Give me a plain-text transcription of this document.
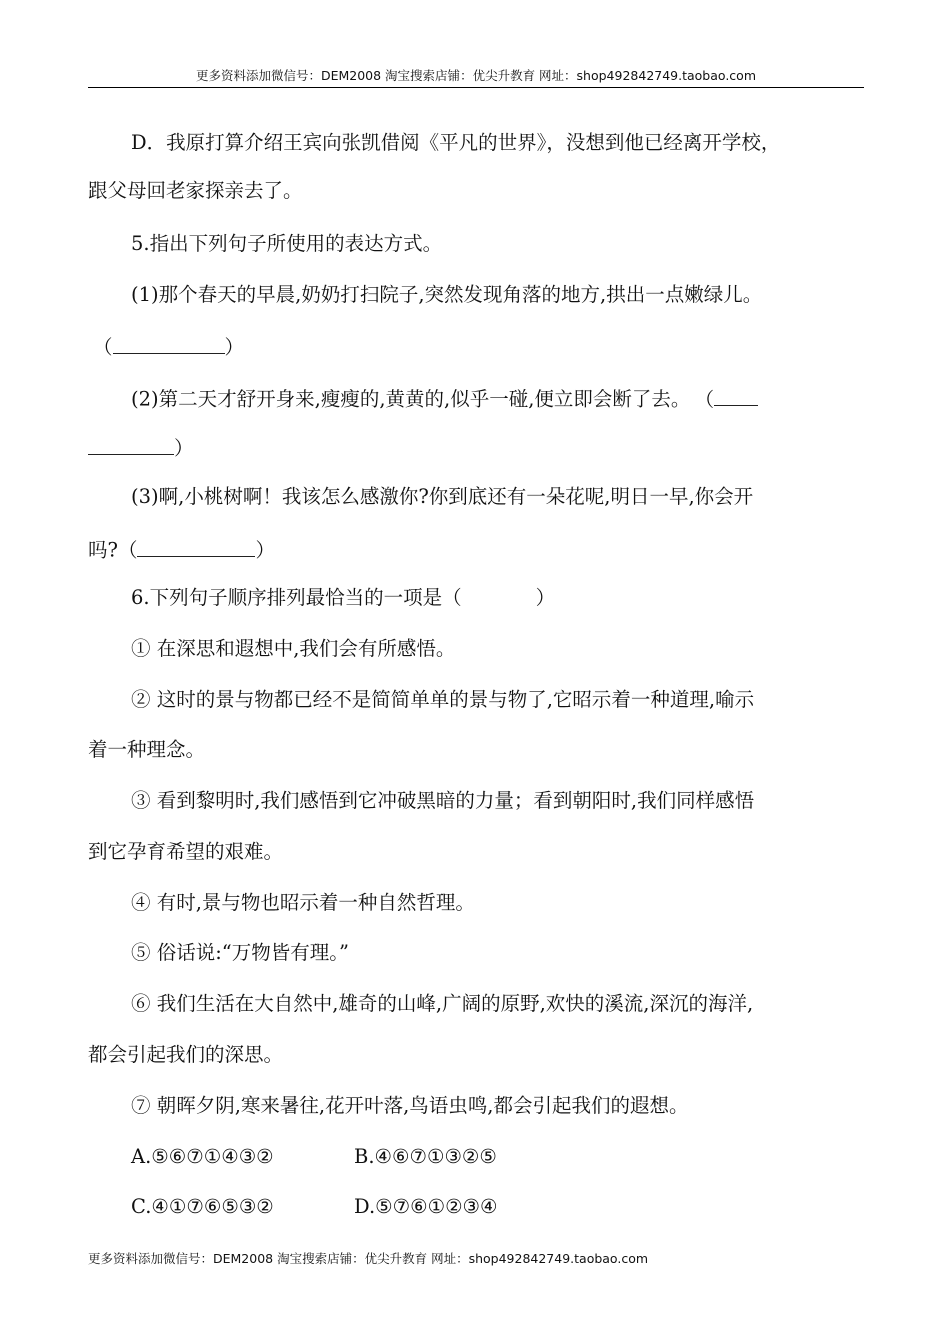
更多资料添加微信号：DEM2008 淘宝搜索店铺：优尖升教育 网址：shop492842749.taobao.com
D．我原打算介绍王宾向张凯借阅《平凡的世界》，没想到他已经离开学校，
跟父母回老家探亲去了。
5.指出下列句子所使用的表达方式。
(1)那个春天的早晨,奶奶打扫院子,突然发现角落的地方,拱出一点嫩绿儿。
（	）
(2)第二天才舒开身来,瘦瘦的,黄黄的,似乎一碰,便立即会断了去。 （
）
(3)啊,小桃树啊！我该怎么感激你?你到底还有一朵花呢,明日一早,你会开
吗?（	）
6.下列句子顺序排列最恰当的一项是（	）
① 在深思和遐想中,我们会有所感悟。
② 这时的景与物都已经不是简简单单的景与物了,它昭示着一种道理,喻示
着一种理念。
③ 看到黎明时,我们感悟到它冲破黑暗的力量；看到朝阳时,我们同样感悟
到它孕育希望的艰难。
④ 有时,景与物也昭示着一种自然哲理。
⑤ 俗话说:“万物皆有理。”
⑥ 我们生活在大自然中,雄奇的山峰,广阔的原野,欢快的溪流,深沉的海洋,
都会引起我们的深思。
⑦ 朝晖夕阴,寒来暑往,花开叶落,鸟语虫鸣,都会引起我们的遐想。
A.⑤⑥⑦①④③②	B.④⑥⑦①③②⑤
C.④①⑦⑥⑤③②	D.⑤⑦⑥①②③④
更多资料添加微信号：DEM2008 淘宝搜索店铺：优尖升教育 网址：shop492842749.taobao.com
